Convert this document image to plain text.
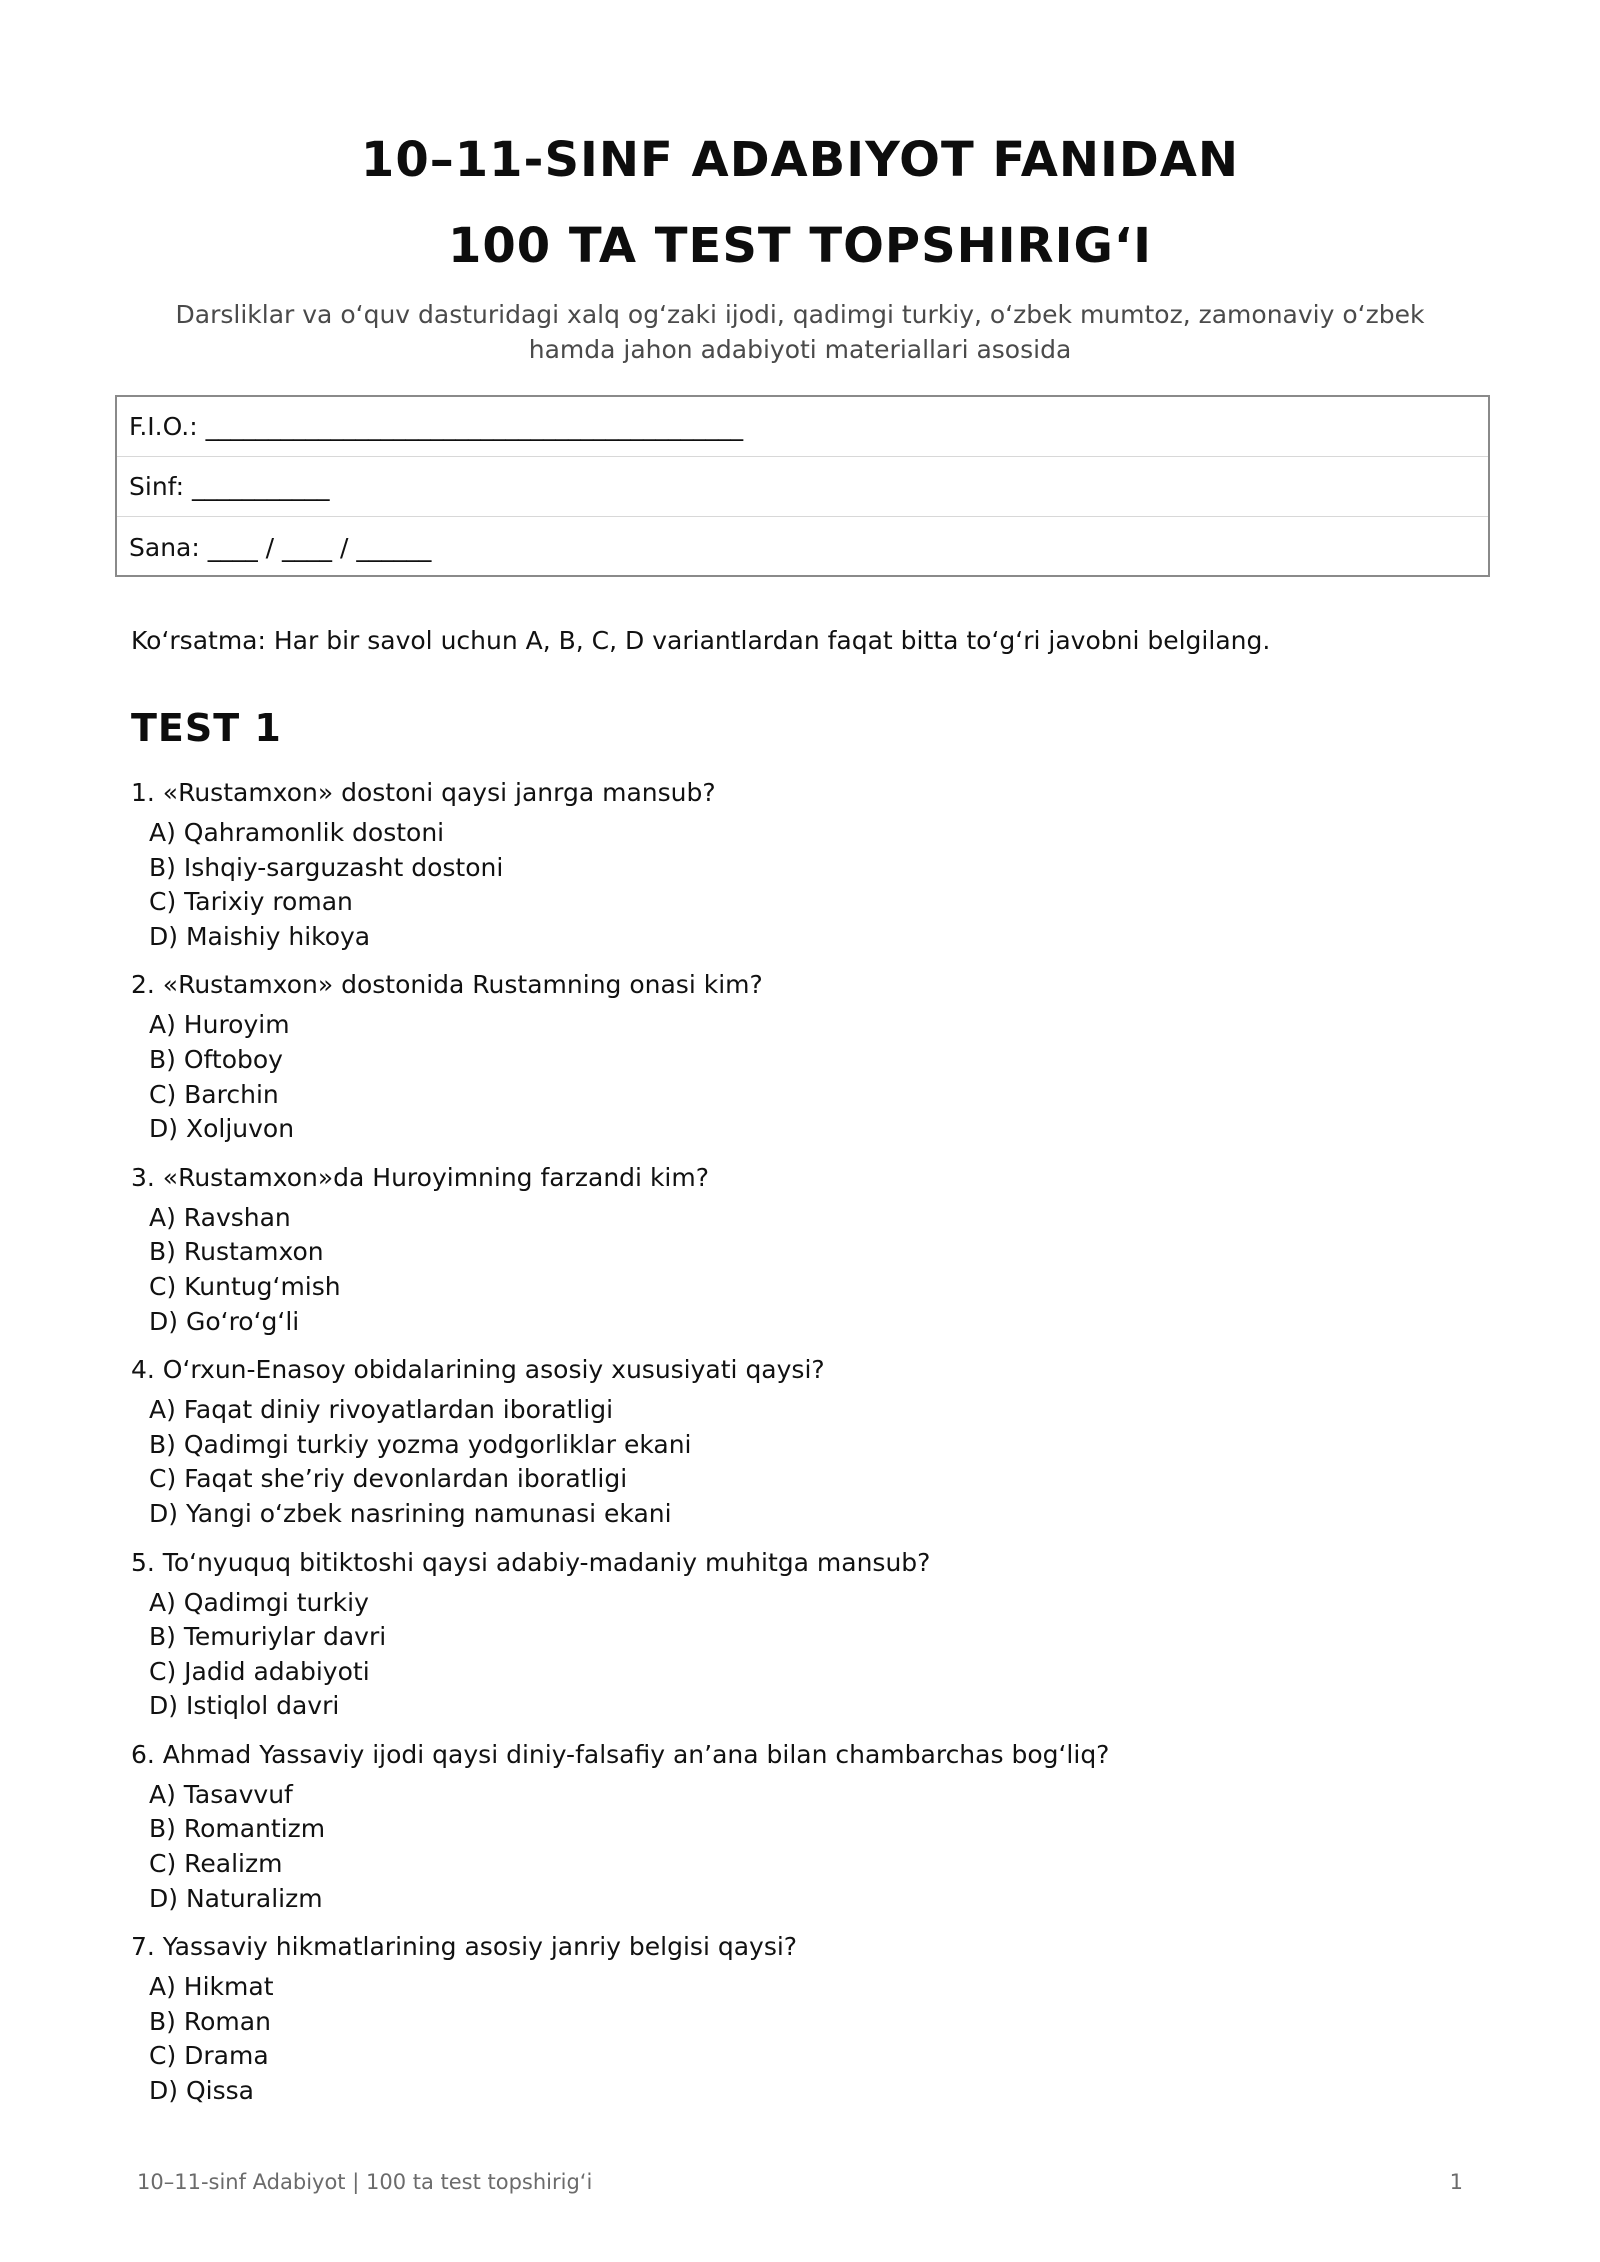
10–11-SINF ADABIYOT FANIDAN
100 TA TEST TOPSHIRIG‘I
Darsliklar va o‘quv dasturidagi xalq og‘zaki ijodi, qadimgi turkiy, o‘zbek mumtoz, zamonaviy o‘zbek hamda jahon adabiyoti materiallari asosida
F.I.O.: ___________________________________________
Sinf: ___________
Sana: ____ / ____ / ______
Ko‘rsatma: Har bir savol uchun A, B, C, D variantlardan faqat bitta to‘g‘ri javobni belgilang.
TEST 1
1. «Rustamxon» dostoni qaysi janrga mansub?
A) Qahramonlik dostoni
B) Ishqiy-sarguzasht dostoni
C) Tarixiy roman
D) Maishiy hikoya
2. «Rustamxon» dostonida Rustamning onasi kim?
A) Huroyim
B) Oftoboy
C) Barchin
D) Xoljuvon
3. «Rustamxon»da Huroyimning farzandi kim?
A) Ravshan
B) Rustamxon
C) Kuntug‘mish
D) Go‘ro‘g‘li
4. O‘rxun-Enasoy obidalarining asosiy xususiyati qaysi?
A) Faqat diniy rivoyatlardan iboratligi
B) Qadimgi turkiy yozma yodgorliklar ekani
C) Faqat she’riy devonlardan iboratligi
D) Yangi o‘zbek nasrining namunasi ekani
5. To‘nyuquq bitiktoshi qaysi adabiy-madaniy muhitga mansub?
A) Qadimgi turkiy
B) Temuriylar davri
C) Jadid adabiyoti
D) Istiqlol davri
6. Ahmad Yassaviy ijodi qaysi diniy-falsafiy an’ana bilan chambarchas bog‘liq?
A) Tasavvuf
B) Romantizm
C) Realizm
D) Naturalizm
7. Yassaviy hikmatlarining asosiy janriy belgisi qaysi?
A) Hikmat
B) Roman
C) Drama
D) Qissa
10–11-sinf Adabiyot | 100 ta test topshirig‘i	1
